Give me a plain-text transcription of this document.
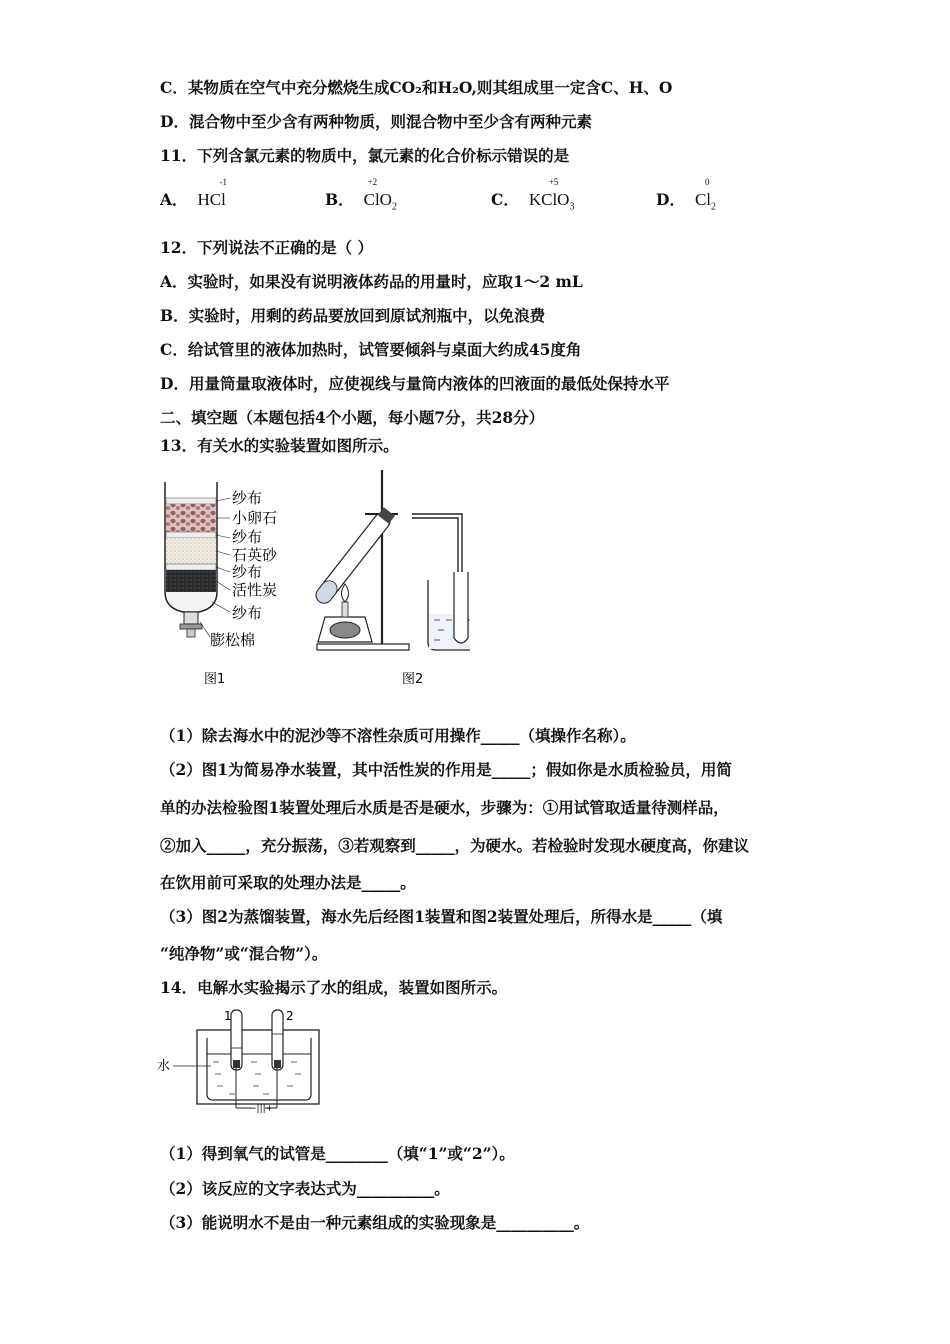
C．某物质在空气中充分燃烧生成CO₂和H₂O,则其组成里一定含C、H、O
D．混合物中至少含有两种物质，则混合物中至少含有两种元素
11．下列含氯元素的物质中，氯元素的化合价标示错误的是
A．
-1
HCl	B．
+2
ClO$_2$	C．
+5
KClO$_3$	D．
0
$Cl_2$
12．下列说法不正确的是（ ）
A．实验时，如果没有说明液体药品的用量时，应取1～2 mL
B．实验时，用剩的药品要放回到原试剂瓶中，以免浪费
C．给试管里的液体加热时，试管要倾斜与桌面大约成45度角
D．用量筒量取液体时，应使视线与量筒内液体的凹液面的最低处保持水平
二、填空题（本题包括4个小题，每小题7分，共28分）
13．有关水的实验装置如图所示。
纱布
小卵石
纱布
石英砂
纱布
活性炭
纱布
膨松棉
图1	图2
（1）除去海水中的泥沙等不溶性杂质可用操作_____（填操作名称）。
（2）图1为简易净水装置，其中活性炭的作用是_____；假如你是水质检验员，用简
单的办法检验图1装置处理后水质是否是硬水，步骤为：①用试管取适量待测样品，
②加入_____，充分振荡，③若观察到_____，为硬水。若检验时发现水硬度高，你建议
在饮用前可采取的处理办法是_____。
（3）图2为蒸馏装置，海水先后经图1装置和图2装置处理后，所得水是_____（填
“纯净物”或“混合物”）。
14．电解水实验揭示了水的组成，装置如图所示。
1	2
水
−|||+
（1）得到氧气的试管是________（填“1”或“2”）。
（2）该反应的文字表达式为__________。
（3）能说明水不是由一种元素组成的实验现象是__________。
